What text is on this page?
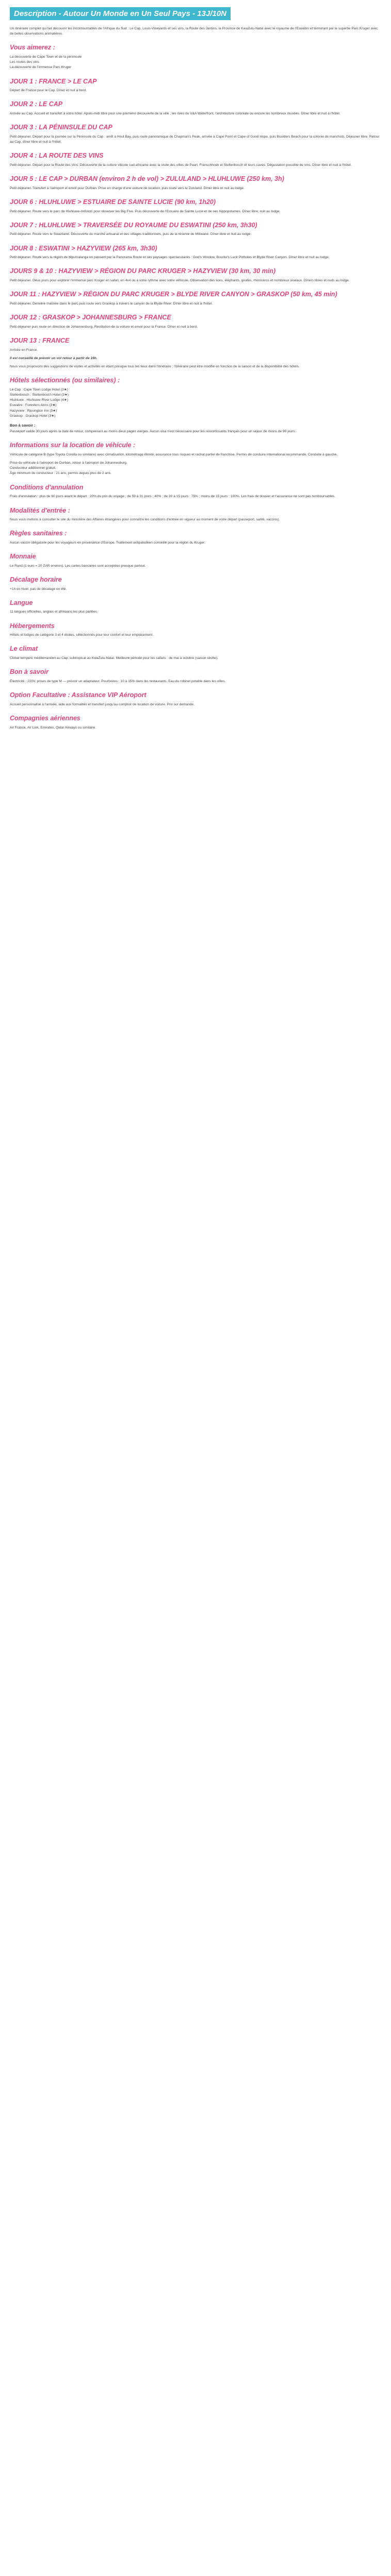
Description - Autour Un Monde en Un Seul Pays - 13J/10N

Un itinéraire complet qui fait découvrir les incontournables de l'Afrique du Sud : Le Cap, Louis-Vineyards et ses vins, la Route des Jardins, la Province de KwaZulu-Natal avec le royaume de l'Eswatini et terminant par le superbe Parc Kruger avec de belles observations animalières.

Vous aimerez :
La découverte de Cape Town et de la péninsule
Les routes des vins
La découverte de l'immense Parc Kruger
JOUR 1 : FRANCE > LE CAP

Départ de France pour le Cap. Dîner et nuit à bord.

JOUR 2 : LE CAP

Arrivée au Cap. Accueil et transfert à votre hôtel. Après-midi libre pour une première découverte de la ville ; les rives du V&A Waterfront, l'architecture coloniale ou encore les nombreux musées. Dîner libre et nuit à l'hôtel.

JOUR 3 : LA PÉNINSULE DU CAP

Petit déjeuner. Départ pour la journée sur la Péninsule du Cap : arrêt à Hout Bay, puis route panoramique de Chapman's Peak, arrivée à Cape Point et Cape of Good Hope, puis Boulders Beach pour la colonie de manchots. Déjeuner libre. Retour au Cap, dîner libre et nuit à l'hôtel.

JOUR 4 : LA ROUTE DES VINS

Petit déjeuner. Départ pour la Route des Vins. Découverte de la culture viticole sud-africaine avec la visite des villes de Paarl, Franschhoek et Stellenbosch et leurs caves. Dégustation possible de vins. Dîner libre et nuit à l'hôtel.

JOUR 5 : LE CAP > DURBAN (environ 2 h de vol) > ZULULAND > HLUHLUWE (250 km, 3h)

Petit déjeuner. Transfert à l'aéroport et envol pour Durban. Prise en charge d'une voiture de location, puis route vers le Zululand. Dîner libre et nuit au lodge.

JOUR 6 : HLUHLUWE > ESTUAIRE DE SAINTE LUCIE (90 km, 1h20)

Petit déjeuner. Route vers le parc de Hluhluwe-Imfolozi pour observer les Big Five. Puis découverte de l'Estuaire de Sainte Lucie et de ses hippopotames. Dîner libre, nuit au lodge.

JOUR 7 : HLUHLUWE > TRAVERSÉE DU ROYAUME DU ESWATINI (250 km, 3h30)

Petit déjeuner. Route vers le Swaziland. Découverte du marché artisanal et des villages traditionnels, puis de la réserve de Mlilwane. Dîner libre et nuit au lodge.

JOUR 8 : ESWATINI > HAZYVIEW (265 km, 3h30)

Petit déjeuner. Route vers la région de Mpumalanga en passant par la Panorama Route et ses paysages spectaculaires : God's Window, Bourke's Luck Potholes et Blyde River Canyon. Dîner libre et nuit au lodge.

JOURS 9 & 10 : HAZYVIEW > RÉGION DU PARC KRUGER > HAZYVIEW (30 km, 30 min)

Petit déjeuner. Deux jours pour explorer l'immense parc Kruger en safari, en 4x4 ou à votre rythme avec votre véhicule. Observation des lions, éléphants, girafes, rhinocéros et nombreux oiseaux. Dîners libres et nuits au lodge.

JOUR 11 : HAZYVIEW > RÉGION DU PARC KRUGER > BLYDE RIVER CANYON > GRASKOP (50 km, 45 min)

Petit déjeuner. Dernière matinée dans le parc puis route vers Graskop à travers le canyon de la Blyde River. Dîner libre et nuit à l'hôtel.

JOUR 12 : GRASKOP > JOHANNESBURG > FRANCE

Petit déjeuner puis route en direction de Johannesburg. Restitution de la voiture et envol pour la France. Dîner et nuit à bord.

JOUR 13 : FRANCE

Arrivée en France.

Il est conseillé de prévoir un vol retour à partir de 16h.

Nous vous proposons des suggestions de visites et activités en étant presque tous les lieux dans l'itinéraire ; l'itinéraire peut être modifié en fonction de la saison et de la disponibilité des hôtels.

Hôtels sélectionnés (ou similaires) :
Le Cap : Cape Town Lodge Hotel (3★)
Stellenbosch : Stellenbosch Hotel (3★)
Hluhluwe : Hluhluwe River Lodge (4★)
Eswatini : Foresters Arms (3★)
Hazyview : Rissington Inn (3★)
Graskop : Graskop Hotel (3★)
Bon à savoir :

Passeport valide 30 jours après la date de retour, comprenant au moins deux pages vierges. Aucun visa n'est nécessaire pour les ressortissants français pour un séjour de moins de 90 jours.

Informations sur la location de véhicule :

Véhicule de catégorie B (type Toyota Corolla ou similaire) avec climatisation, kilométrage illimité, assurance tous risques et rachat partiel de franchise. Permis de conduire international recommandé. Conduite à gauche.

Prise du véhicule à l'aéroport de Durban, retour à l'aéroport de Johannesburg.
Conducteur additionnel gratuit.
Âge minimum du conducteur : 21 ans, permis depuis plus de 2 ans.
Conditions d'annulation

Frais d'annulation : plus de 60 jours avant le départ : 20% du prix du voyage ; de 59 à 31 jours : 40% ; de 30 à 15 jours : 75% ; moins de 15 jours : 100%. Les frais de dossier et l'assurance ne sont pas remboursables.

Modalités d'entrée :

Nous vous invitons à consulter le site du ministère des Affaires étrangères pour connaître les conditions d'entrée en vigueur au moment de votre départ (passeport, santé, vaccins).

Règles sanitaires :

Aucun vaccin obligatoire pour les voyageurs en provenance d'Europe. Traitement antipaludéen conseillé pour la région du Kruger.

Monnaie

Le Rand (1 euro = 20 ZAR environ). Les cartes bancaires sont acceptées presque partout.

Décalage horaire

+1h en hiver, pas de décalage en été.

Langue

11 langues officielles, anglais et afrikaans les plus parlées.

Hébergements

Hôtels et lodges de catégorie 3 et 4 étoiles, sélectionnés pour leur confort et leur emplacement.

Le climat

Climat tempéré méditerranéen au Cap, subtropical au KwaZulu-Natal. Meilleure période pour les safaris : de mai à octobre (saison sèche).

Bon à savoir

Électricité : 220V, prises de type M — prévoir un adaptateur. Pourboires : 10 à 15% dans les restaurants. Eau du robinet potable dans les villes.

Option Facultative : Assistance VIP Aéroport

Accueil personnalisé à l'arrivée, aide aux formalités et transfert jusqu'au comptoir de location de voiture. Prix sur demande.

Compagnies aériennes

Air France, Air Link, Emirates, Qatar Airways ou similaire.
